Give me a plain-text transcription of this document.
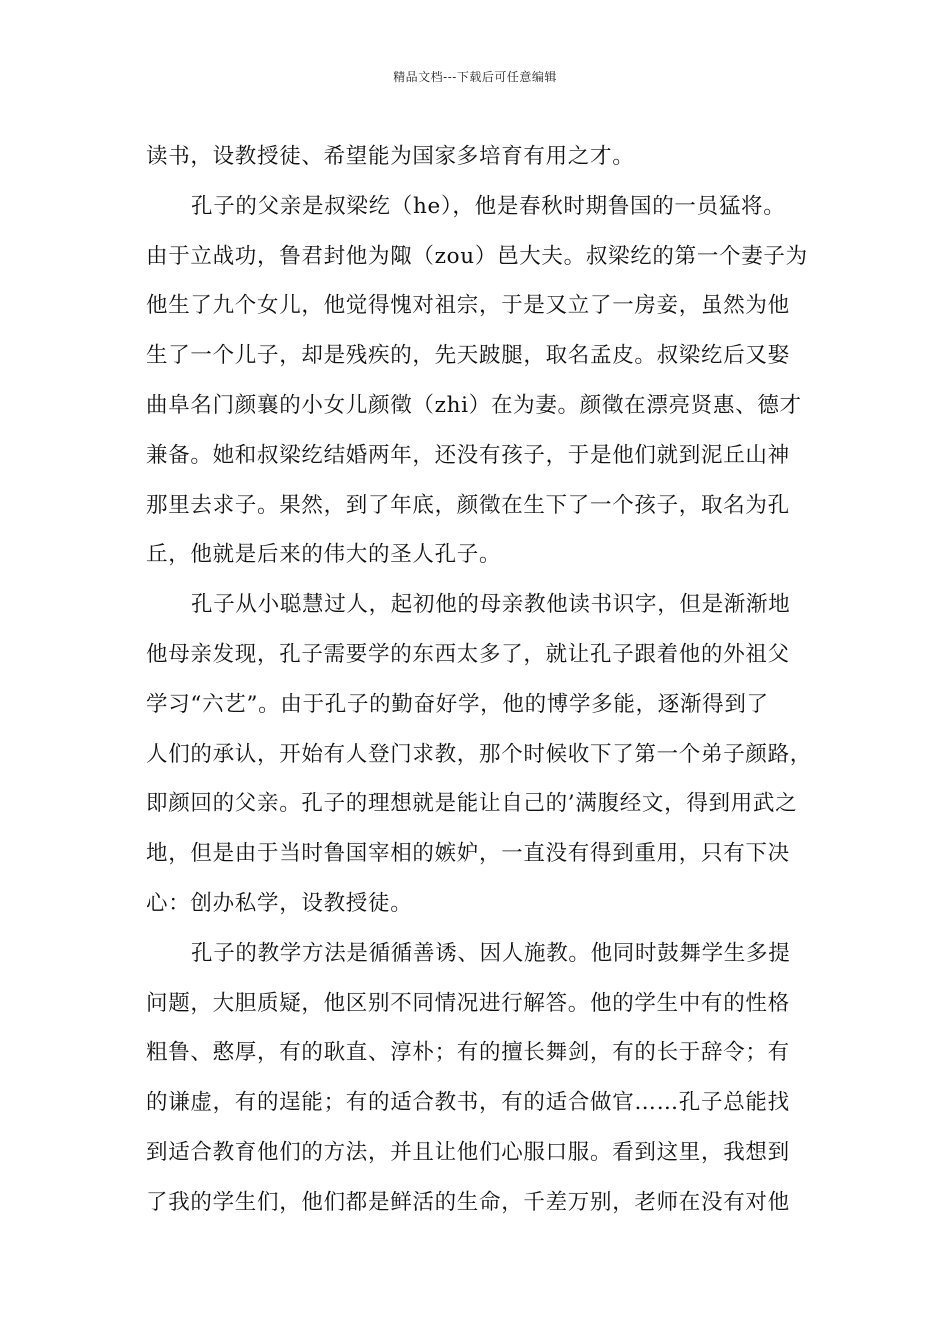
精品文档---下载后可任意编辑
读书，设教授徒、希望能为国家多培育有用之才。
孔子的父亲是叔梁纥（he），他是春秋时期鲁国的一员猛将。
由于立战功，鲁君封他为陬（zou）邑大夫。叔梁纥的第一个妻子为
他生了九个女儿，他觉得愧对祖宗，于是又立了一房妾，虽然为他
生了一个儿子，却是残疾的，先天跛腿，取名孟皮。叔梁纥后又娶
曲阜名门颜襄的小女儿颜徵（zhi）在为妻。颜徵在漂亮贤惠、德才
兼备。她和叔梁纥结婚两年，还没有孩子，于是他们就到泥丘山神
那里去求子。果然，到了年底，颜徵在生下了一个孩子，取名为孔
丘，他就是后来的伟大的圣人孔子。
孔子从小聪慧过人，起初他的母亲教他读书识字，但是渐渐地
他母亲发现，孔子需要学的东西太多了，就让孔子跟着他的外祖父
学习“六艺”。由于孔子的勤奋好学，他的博学多能，逐渐得到了
人们的承认，开始有人登门求教，那个时候收下了第一个弟子颜路，
即颜回的父亲。孔子的理想就是能让自己的’满腹经文，得到用武之
地，但是由于当时鲁国宰相的嫉妒，一直没有得到重用，只有下决
心：创办私学，设教授徒。
孔子的教学方法是循循善诱、因人施教。他同时鼓舞学生多提
问题，大胆质疑，他区别不同情况进行解答。他的学生中有的性格
粗鲁、憨厚，有的耿直、淳朴；有的擅长舞剑，有的长于辞令；有
的谦虚，有的逞能；有的适合教书，有的适合做官……孔子总能找
到适合教育他们的方法，并且让他们心服口服。看到这里，我想到
了我的学生们，他们都是鲜活的生命，千差万别，老师在没有对他
